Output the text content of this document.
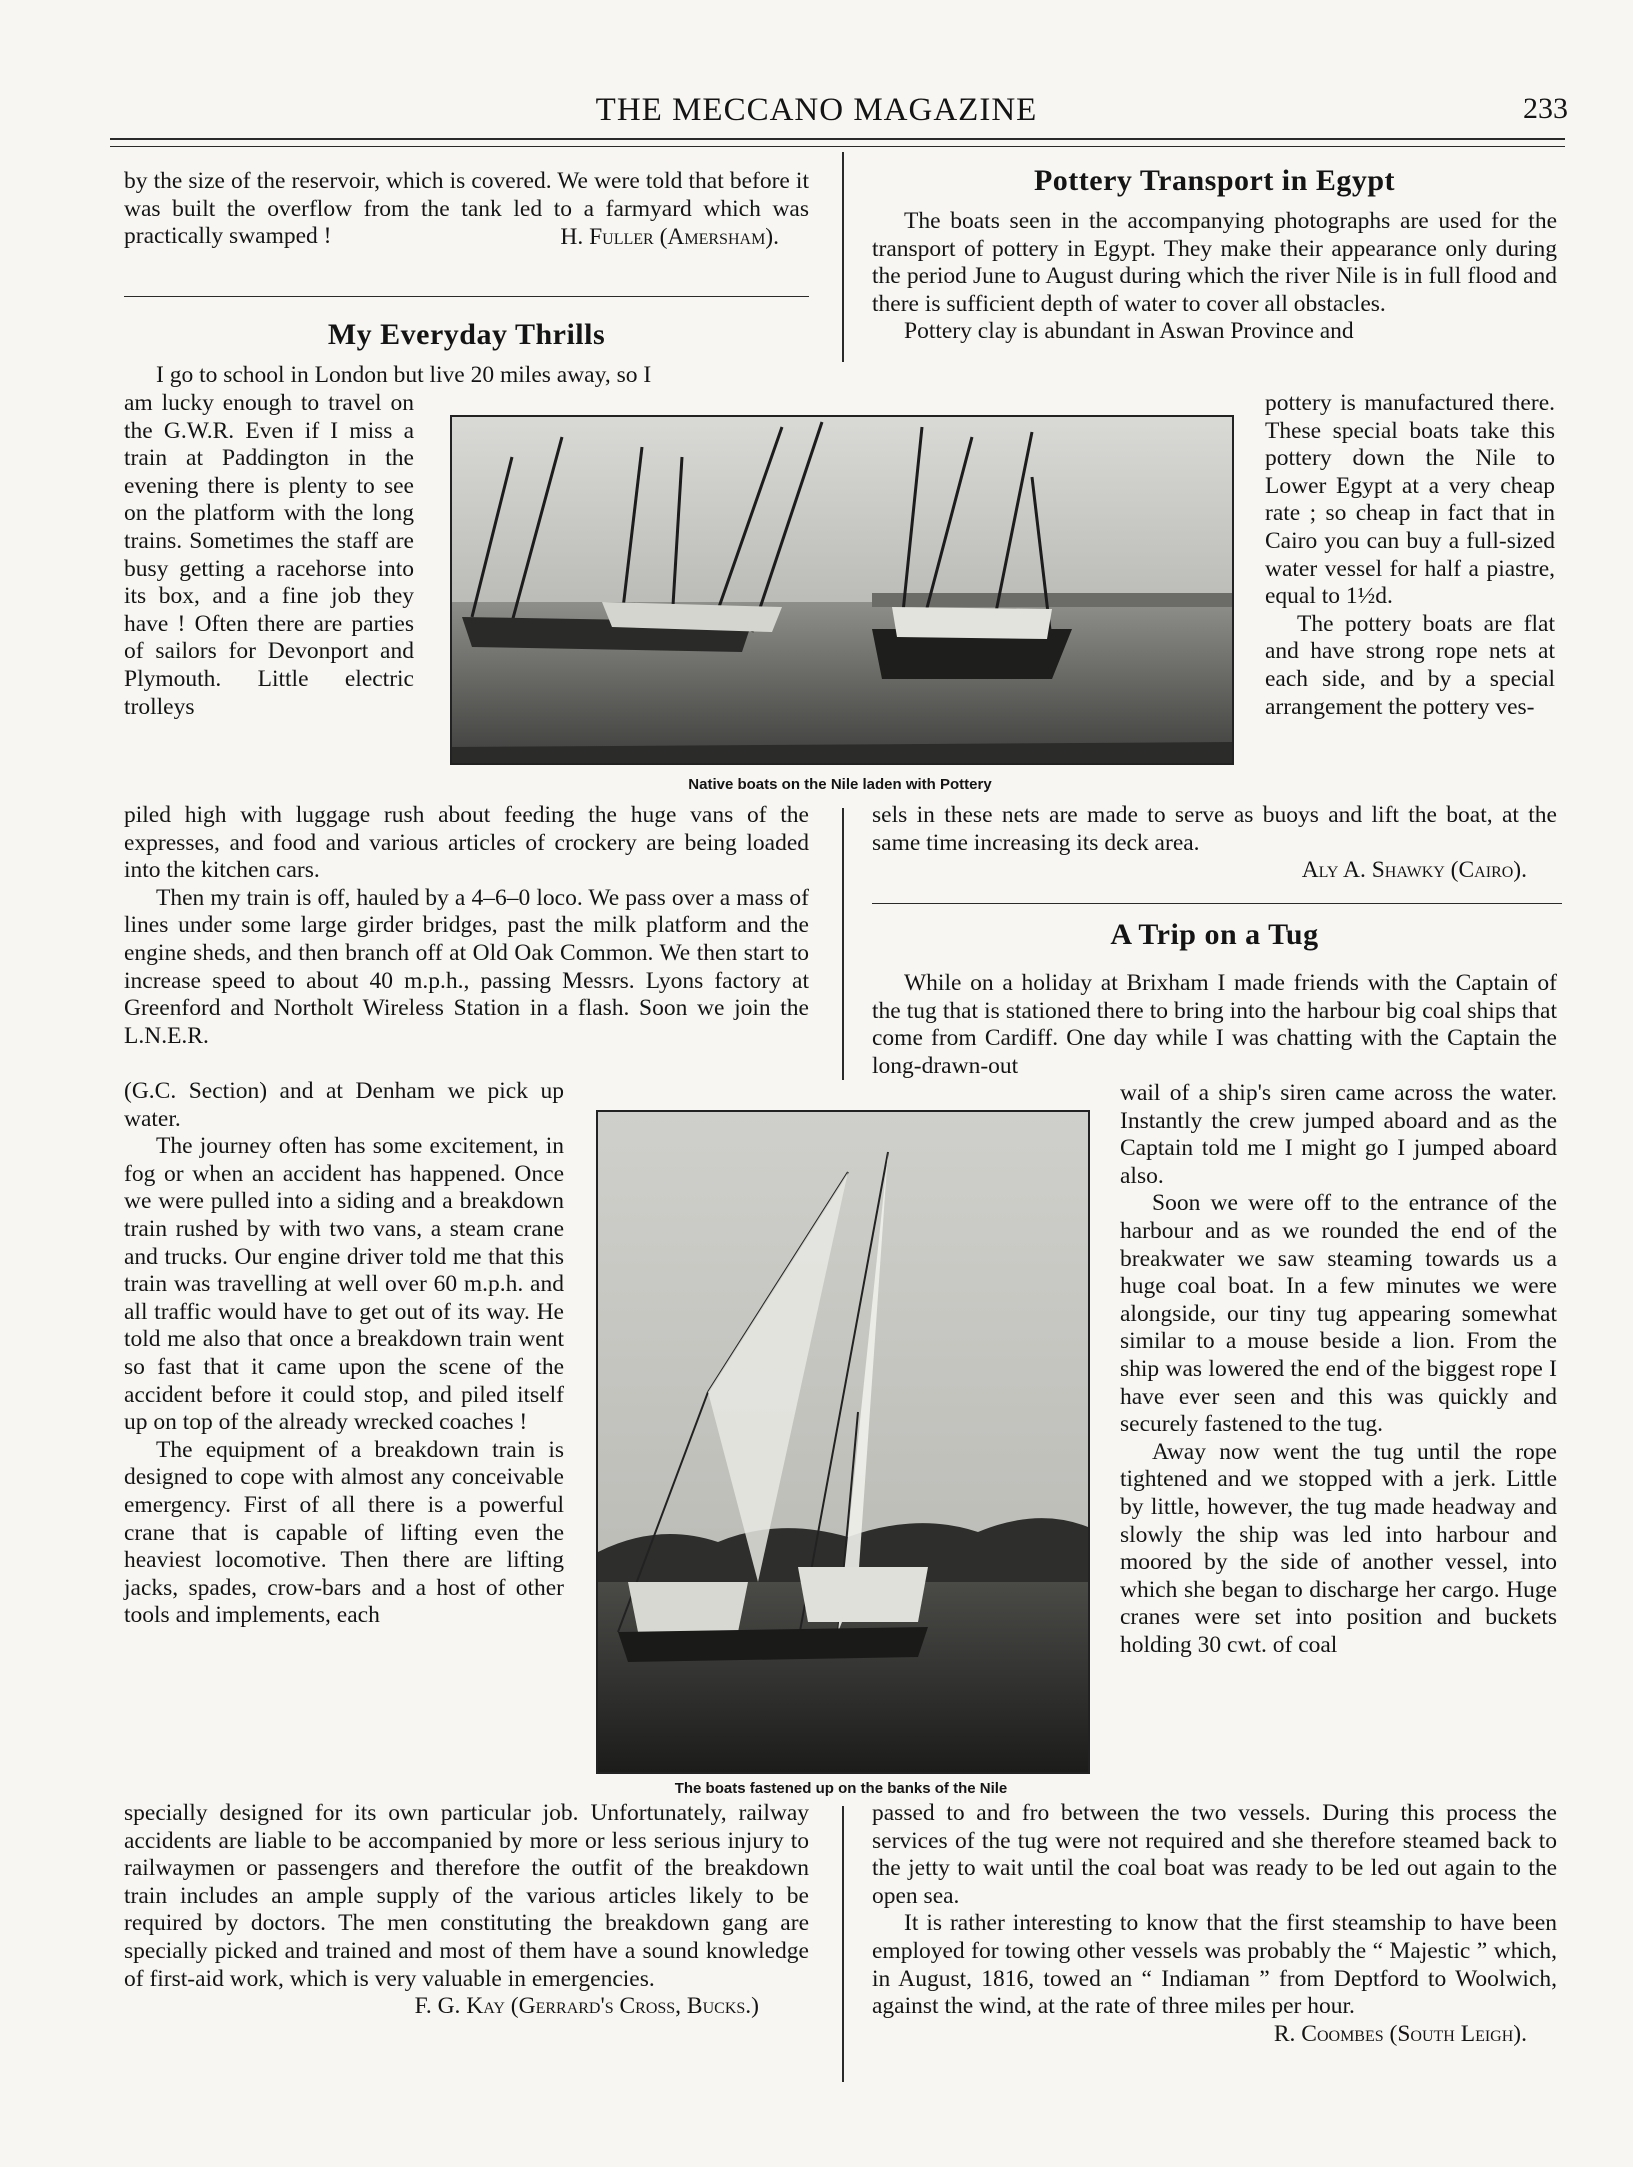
THE MECCANO MAGAZINE	233

by the size of the reservoir, which is covered. We were told that before it was built the overflow from the tank led to a farmyard which was practically swamped !	H. Fuller (Amersham).
My Everyday Thrills

I go to school in London but live 20 miles away, so I

am lucky enough to travel on the G.W.R. Even if I miss a train at Paddington in the evening there is plenty to see on the platform with the long trains. Sometimes the staff are busy getting a racehorse into its box, and a fine job they have ! Often there are parties of sailors for Devonport and Plymouth. Little electric trolleys

Native boats on the Nile laden with Pottery

piled high with luggage rush about feeding the huge vans of the expresses, and food and various articles of crockery are being loaded into the kitchen cars.

Then my train is off, hauled by a 4–6–0 loco. We pass over a mass of lines under some large girder bridges, past the milk platform and the engine sheds, and then branch off at Old Oak Common. We then start to increase speed to about 40 m.p.h., passing Messrs. Lyons factory at Greenford and Northolt Wireless Station in a flash. Soon we join the L.N.E.R.

(G.C. Section) and at Denham we pick up water.

The journey often has some excitement, in fog or when an accident has happened. Once we were pulled into a siding and a breakdown train rushed by with two vans, a steam crane and trucks. Our engine driver told me that this train was travelling at well over 60 m.p.h. and all traffic would have to get out of its way. He told me also that once a breakdown train went so fast that it came upon the scene of the accident before it could stop, and piled itself up on top of the already wrecked coaches !

The equipment of a breakdown train is designed to cope with almost any conceivable emergency. First of all there is a powerful crane that is capable of lifting even the heaviest locomotive. Then there are lifting jacks, spades, crow-bars and a host of other tools and implements, each

specially designed for its own particular job. Unfortunately, railway accidents are liable to be accompanied by more or less serious injury to railwaymen or passengers and therefore the outfit of the breakdown train includes an ample supply of the various articles likely to be required by doctors. The men constituting the breakdown gang are specially picked and trained and most of them have a sound knowledge of first-aid work, which is very valuable in emergencies.

F. G. Kay (Gerrard's Cross, Bucks.)
Pottery Transport in Egypt

The boats seen in the accompanying photographs are used for the transport of pottery in Egypt. They make their appearance only during the period June to August during which the river Nile is in full flood and there is sufficient depth of water to cover all obstacles.

Pottery clay is abundant in Aswan Province and

pottery is manufactured there. These special boats take this pottery down the Nile to Lower Egypt at a very cheap rate ; so cheap in fact that in Cairo you can buy a full-sized water vessel for half a piastre, equal to 1½d.

The pottery boats are flat and have strong rope nets at each side, and by a special arrangement the pottery ves-

sels in these nets are made to serve as buoys and lift the boat, at the same time increasing its deck area.

Aly A. Shawky (Cairo).
A Trip on a Tug

While on a holiday at Brixham I made friends with the Captain of the tug that is stationed there to bring into the harbour big coal ships that come from Cardiff. One day while I was chatting with the Captain the long-drawn-out

wail of a ship's siren came across the water. Instantly the crew jumped aboard and as the Captain told me I might go I jumped aboard also.

Soon we were off to the entrance of the harbour and as we rounded the end of the breakwater we saw steaming towards us a huge coal boat. In a few minutes we were alongside, our tiny tug appearing somewhat similar to a mouse beside a lion. From the ship was lowered the end of the biggest rope I have ever seen and this was quickly and securely fastened to the tug.

Away now went the tug until the rope tightened and we stopped with a jerk. Little by little, however, the tug made headway and slowly the ship was led into harbour and moored by the side of another vessel, into which she began to discharge her cargo. Huge cranes were set into position and buckets holding 30 cwt. of coal

passed to and fro between the two vessels. During this process the services of the tug were not required and she therefore steamed back to the jetty to wait until the coal boat was ready to be led out again to the open sea.

It is rather interesting to know that the first steamship to have been employed for towing other vessels was probably the “ Majestic ” which, in August, 1816, towed an “ Indiaman ” from Deptford to Woolwich, against the wind, at the rate of three miles per hour.

R. Coombes (South Leigh).
The boats fastened up on the banks of the Nile
